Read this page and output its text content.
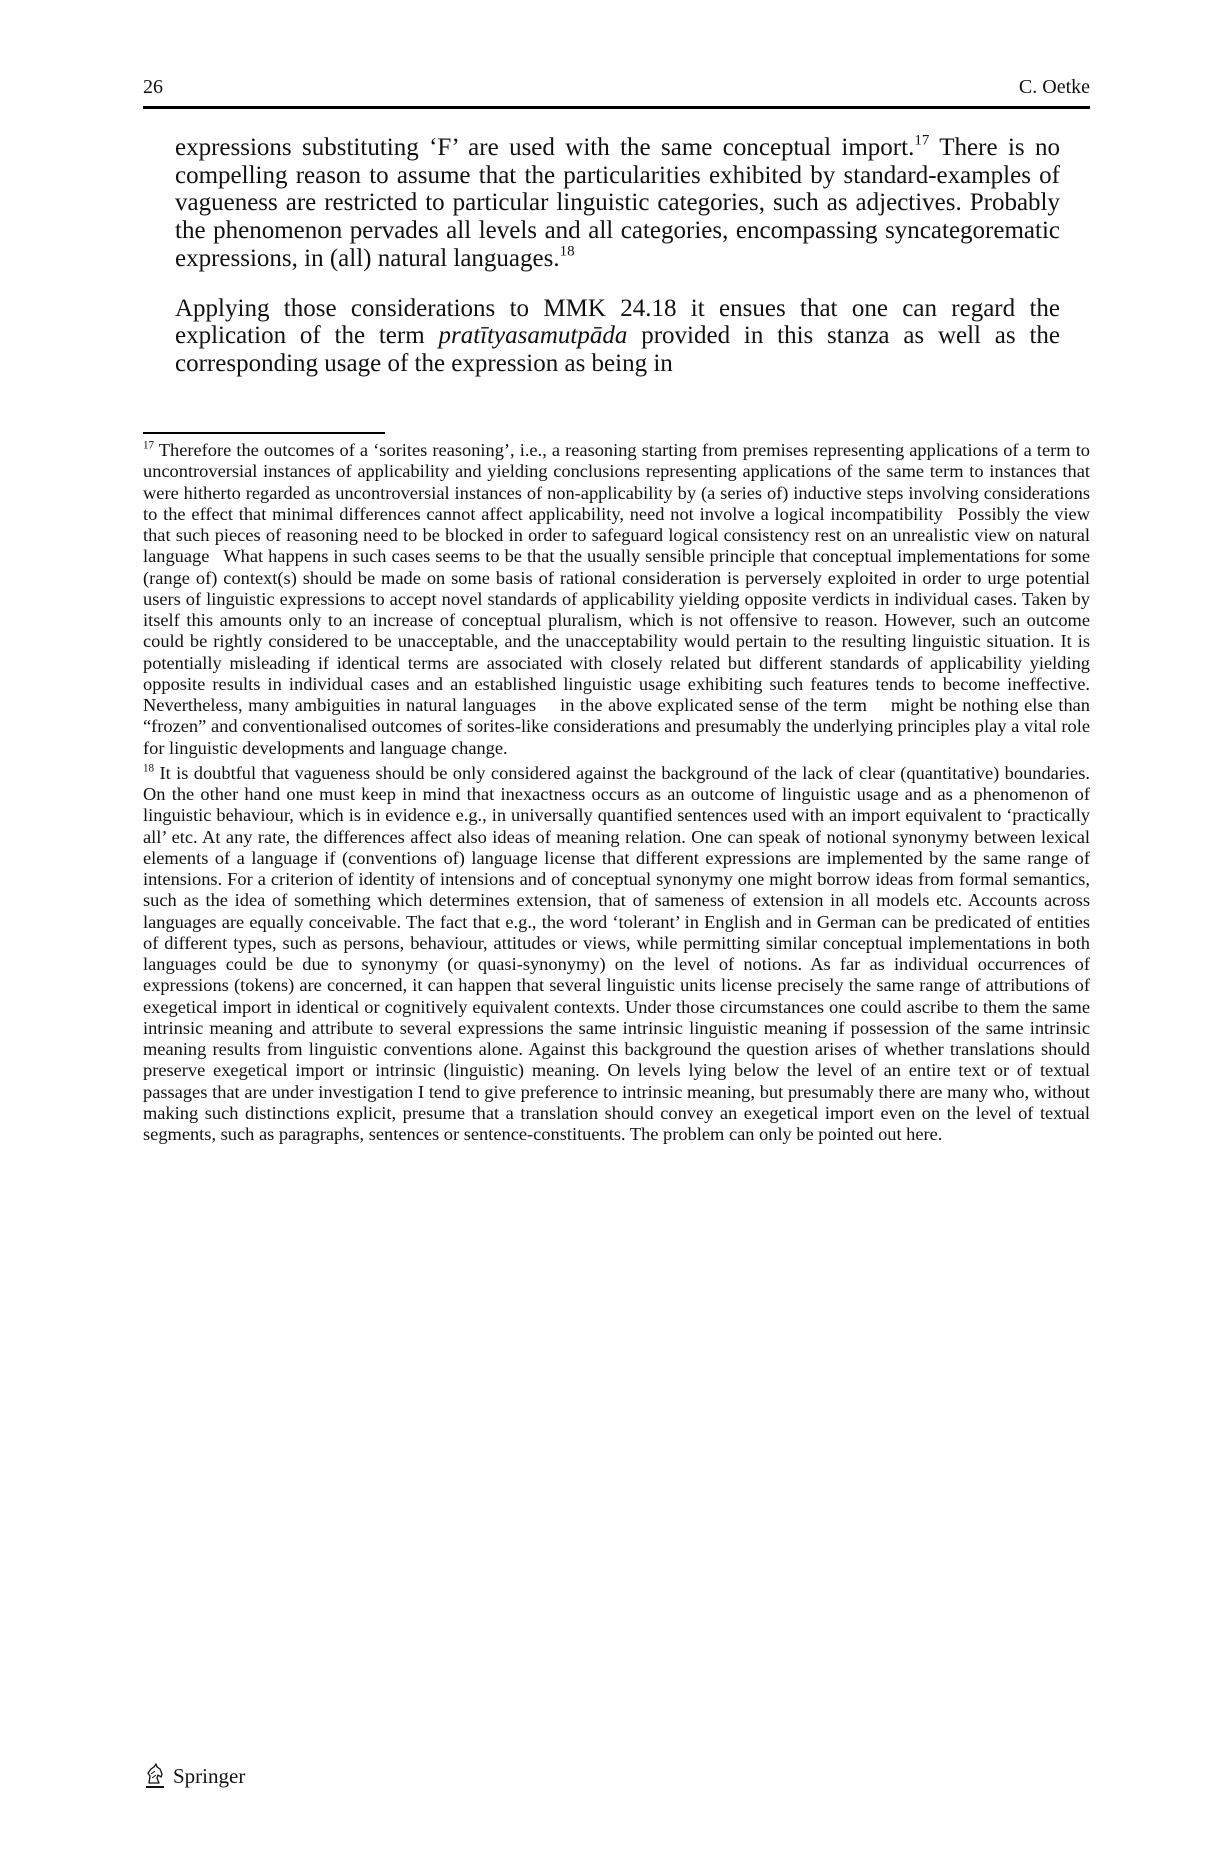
26	C. Oetke

expressions substituting ‘F’ are used with the same conceptual import.$^{17}$ There is no compelling reason to assume that the particularities exhibited by standard-examples of vagueness are restricted to particular linguistic categories, such as adjectives. Probably the phenomenon pervades all levels and all categories, encompassing syncategorematic expressions, in (all) natural languages.$^{18}$

Applying those considerations to MMK 24.18 it ensues that one can regard the explication of the term pratītyasamutpāda provided in this stanza as well as the corresponding usage of the expression as being in

$^{17}$ Therefore the outcomes of a ‘sorites reasoning’, i.e., a reasoning starting from premises representing applications of a term to uncontroversial instances of applicability and yielding conclusions representing applications of the same term to instances that were hitherto regarded as uncontroversial instances of non-applicability by (a series of) inductive steps involving considerations to the effect that minimal differences cannot affect applicability, need not involve a logical incompatibility  Possibly the view that such pieces of reasoning need to be blocked in order to safeguard logical consistency rest on an unrealistic view on natural language  What happens in such cases seems to be that the usually sensible principle that conceptual implementations for some (range of) context(s) should be made on some basis of rational consideration is perversely exploited in order to urge potential users of linguistic expressions to accept novel standards of applicability yielding opposite verdicts in individual cases. Taken by itself this amounts only to an increase of conceptual pluralism, which is not offensive to reason. However, such an outcome could be rightly considered to be unacceptable, and the unacceptability would pertain to the resulting linguistic situation. It is potentially misleading if identical terms are associated with closely related but different standards of applicability yielding opposite results in individual cases and an established linguistic usage exhibiting such features tends to become ineffective. Nevertheless, many ambiguities in natural languages  in the above explicated sense of the term  might be nothing else than “frozen” and conventionalised outcomes of sorites-like considerations and presumably the underlying principles play a vital role for linguistic developments and language change.

$^{18}$ It is doubtful that vagueness should be only considered against the background of the lack of clear (quantitative) boundaries. On the other hand one must keep in mind that inexactness occurs as an outcome of linguistic usage and as a phenomenon of linguistic behaviour, which is in evidence e.g., in universally quantified sentences used with an import equivalent to ‘practically all’ etc. At any rate, the differences affect also ideas of meaning relation. One can speak of notional synonymy between lexical elements of a language if (conventions of) language license that different expressions are implemented by the same range of intensions. For a criterion of identity of intensions and of conceptual synonymy one might borrow ideas from formal semantics, such as the idea of something which determines extension, that of sameness of extension in all models etc. Accounts across languages are equally conceivable. The fact that e.g., the word ‘tolerant’ in English and in German can be predicated of entities of different types, such as persons, behaviour, attitudes or views, while permitting similar conceptual implementations in both languages could be due to synonymy (or quasi-synonymy) on the level of notions. As far as individual occurrences of expressions (tokens) are concerned, it can happen that several linguistic units license precisely the same range of attributions of exegetical import in identical or cognitively equivalent contexts. Under those circumstances one could ascribe to them the same intrinsic meaning and attribute to several expressions the same intrinsic linguistic meaning if possession of the same intrinsic meaning results from linguistic conventions alone. Against this background the question arises of whether translations should preserve exegetical import or intrinsic (linguistic) meaning. On levels lying below the level of an entire text or of textual passages that are under investigation I tend to give preference to intrinsic meaning, but presumably there are many who, without making such distinctions explicit, presume that a translation should convey an exegetical import even on the level of textual segments, such as paragraphs, sentences or sentence-constituents. The problem can only be pointed out here.

Springer
